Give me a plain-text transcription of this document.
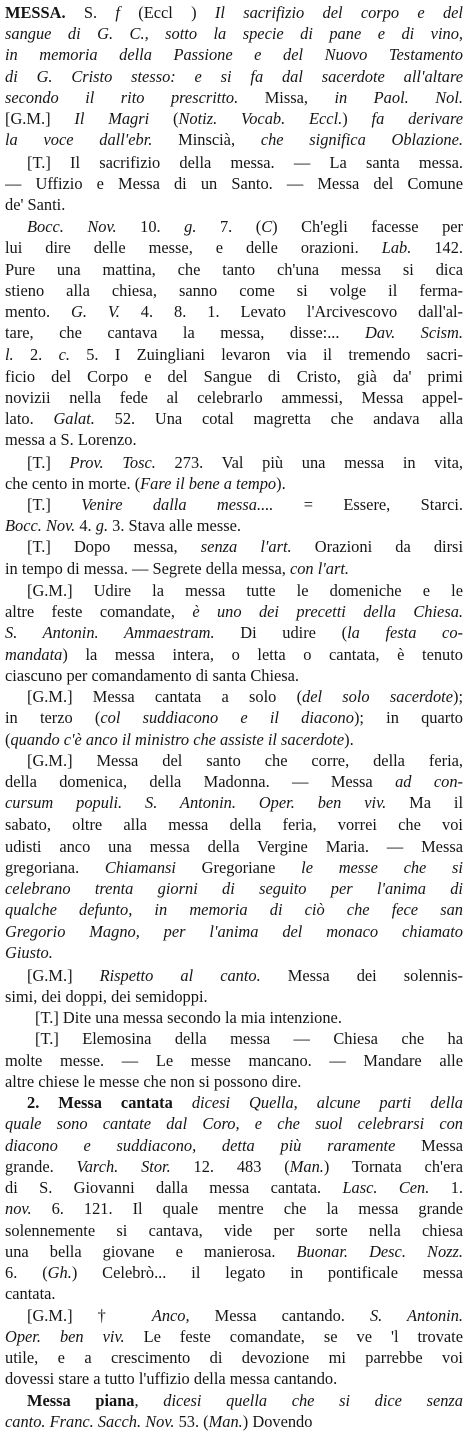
MESSA. S. f (Eccl ) Il sacrifizio del corpo e del
sangue di G. C., sotto la specie di pane e di vino,
in memoria della Passione e del Nuovo Testamento
di G. Cristo stesso: e si fa dal sacerdote all'altare
secondo il rito prescritto. Missa, in Paol. Nol.
[G.M.] Il Magri (Notiz. Vocab. Eccl.) fa derivare
la voce dall'ebr. Minscià, che significa Oblazione.
[T.] Il sacrifizio della messa. — La santa messa.
— Uffizio e Messa di un Santo. — Messa del Comune
de' Santi.
Bocc. Nov. 10. g. 7. (C) Ch'egli facesse per
lui dire delle messe, e delle orazioni. Lab. 142.
Pure una mattina, che tanto ch'una messa si dica
stieno alla chiesa, sanno come si volge il ferma-
mento. G. V. 4. 8. 1. Levato l'Arcivescovo dall'al-
tare, che cantava la messa, disse:... Dav. Scism.
l. 2. c. 5. I Zuingliani levaron via il tremendo sacri-
ficio del Corpo e del Sangue di Cristo, già da' primi
novizii nella fede al celebrarlo ammessi, Messa appel-
lato. Galat. 52. Una cotal magretta che andava alla
messa a S. Lorenzo.
[T.] Prov. Tosc. 273. Val più una messa in vita,
che cento in morte. (Fare il bene a tempo).
[T.] Venire dalla messa.... = Essere, Starci.
Bocc. Nov. 4. g. 3. Stava alle messe.
[T.] Dopo messa, senza l'art. Orazioni da dirsi
in tempo di messa. — Segrete della messa, con l'art.
[G.M.] Udire la messa tutte le domeniche e le
altre feste comandate, è uno dei precetti della Chiesa.
S. Antonin. Ammaestram. Di udire (la festa co-
mandata) la messa intera, o letta o cantata, è tenuto
ciascuno per comandamento di santa Chiesa.
[G.M.] Messa cantata a solo (del solo sacerdote);
in terzo (col suddiacono e il diacono); in quarto
(quando c'è anco il ministro che assiste il sacerdote).
[G.M.] Messa del santo che corre, della feria,
della domenica, della Madonna. — Messa ad con-
cursum populi. S. Antonin. Oper. ben viv. Ma il
sabato, oltre alla messa della feria, vorrei che voi
udisti anco una messa della Vergine Maria. — Messa
gregoriana. Chiamansi Gregoriane le messe che si
celebrano trenta giorni di seguito per l'anima di
qualche defunto, in memoria di ciò che fece san
Gregorio Magno, per l'anima del monaco chiamato
Giusto.
[G.M.] Rispetto al canto. Messa dei solennis-
simi, dei doppi, dei semidoppi.
[T.] Dite una messa secondo la mia intenzione.
[T.] Elemosina della messa — Chiesa che ha
molte messe. — Le messe mancano. — Mandare alle
altre chiese le messe che non si possono dire.
2. Messa cantata dicesi Quella, alcune parti della
quale sono cantate dal Coro, e che suol celebrarsi con
diacono e suddiacono, detta più raramente Messa
grande. Varch. Stor. 12. 483 (Man.) Tornata ch'era
di S. Giovanni dalla messa cantata. Lasc. Cen. 1.
nov. 6. 121. Il quale mentre che la messa grande
solennemente si cantava, vide per sorte nella chiesa
una bella giovane e manierosa. Buonar. Desc. Nozz.
6. (Gh.) Celebrò... il legato in pontificale messa
cantata.
[G.M.] † Anco, Messa cantando. S. Antonin.
Oper. ben viv. Le feste comandate, se ve 'l trovate
utile, e a crescimento di devozione mi parrebbe voi
dovessi stare a tutto l'uffizio della messa cantando.
Messa piana, dicesi quella che si dice senza
canto. Franc. Sacch. Nov. 53. (Man.) Dovendo
